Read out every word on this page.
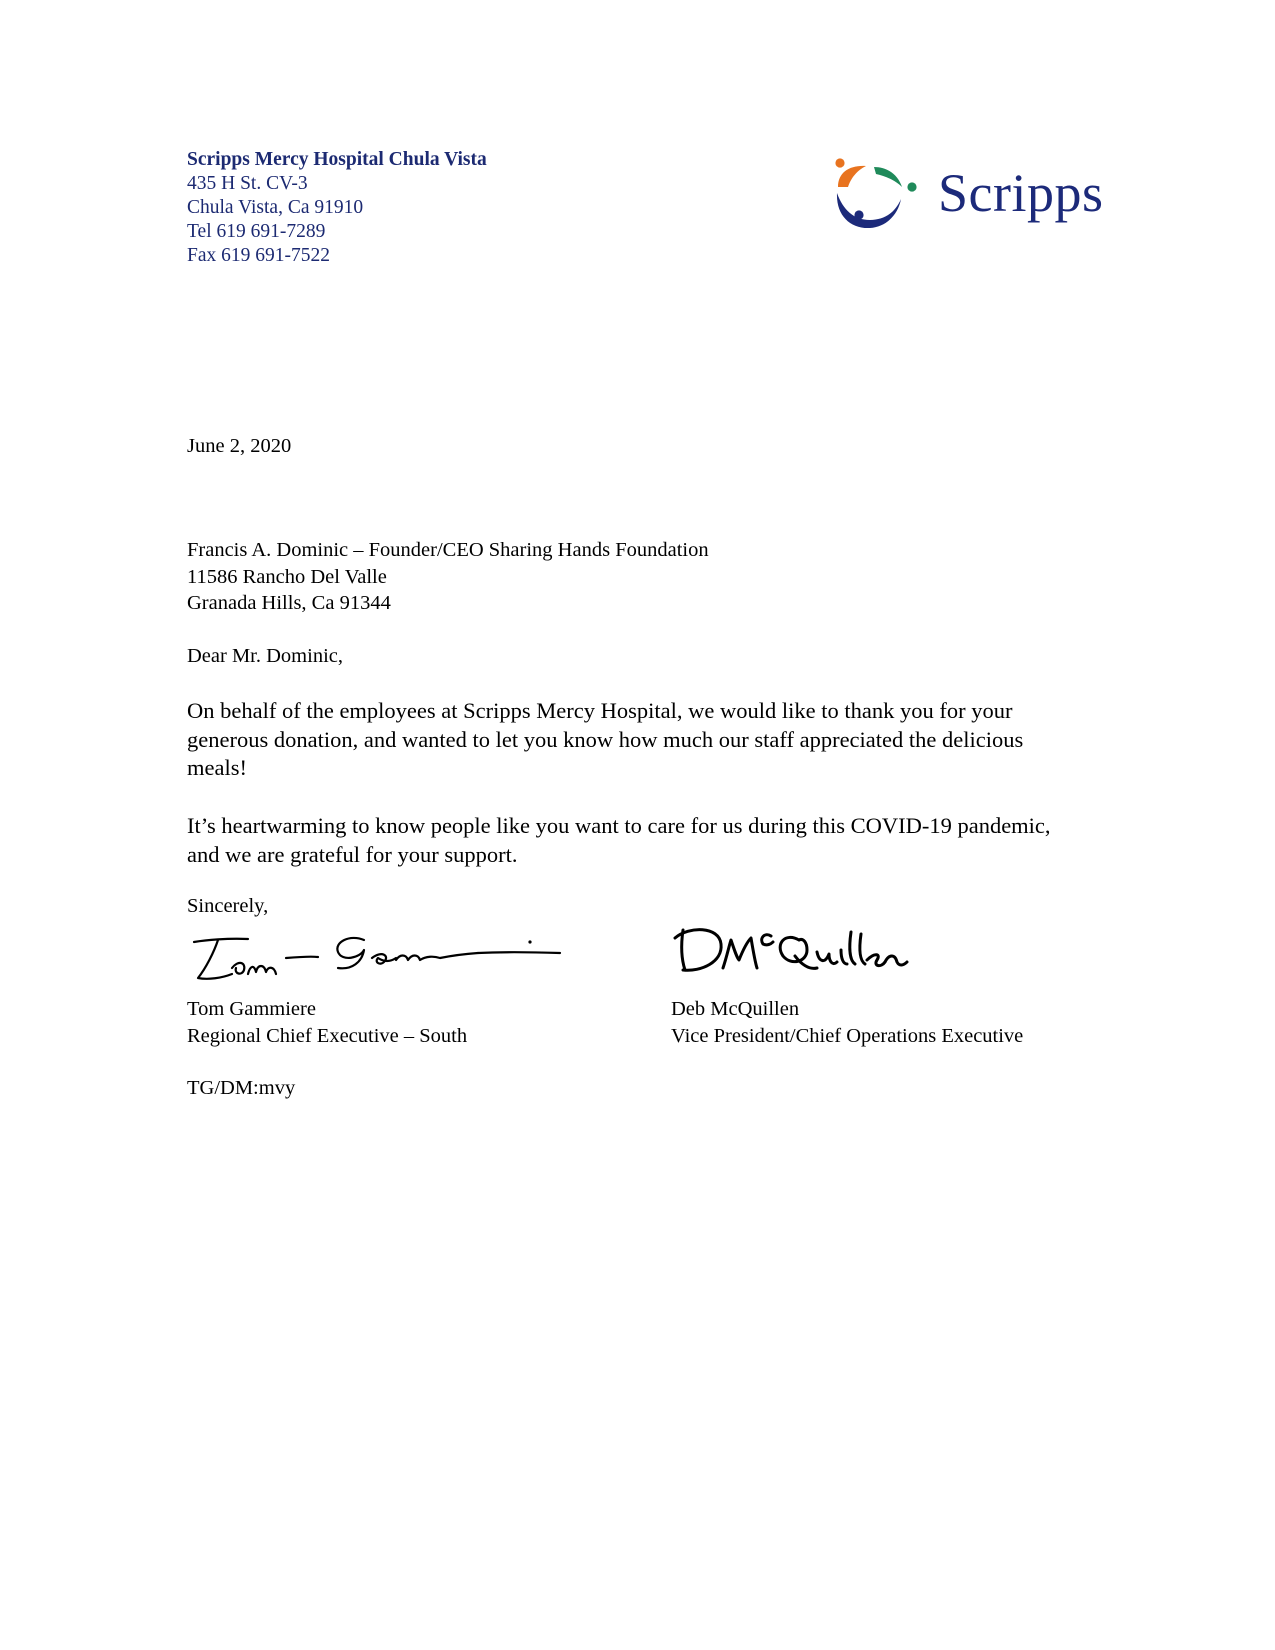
Scripps Mercy Hospital Chula Vista
435 H St. CV-3
Chula Vista, Ca 91910
Tel 619 691-7289
Fax 619 691-7522
Scripps
June 2, 2020
Francis A. Dominic – Founder/CEO Sharing Hands Foundation
11586 Rancho Del Valle
Granada Hills, Ca 91344
Dear Mr. Dominic,
On behalf of the employees at Scripps Mercy Hospital, we would like to thank you for your generous donation, and wanted to let you know how much our staff appreciated the delicious meals!
It’s heartwarming to know people like you want to care for us during this COVID-19 pandemic, and we are grateful for your support.
Sincerely,
Tom Gammiere
Regional Chief Executive – South
Deb McQuillen
Vice President/Chief Operations Executive
TG/DM:mvy
